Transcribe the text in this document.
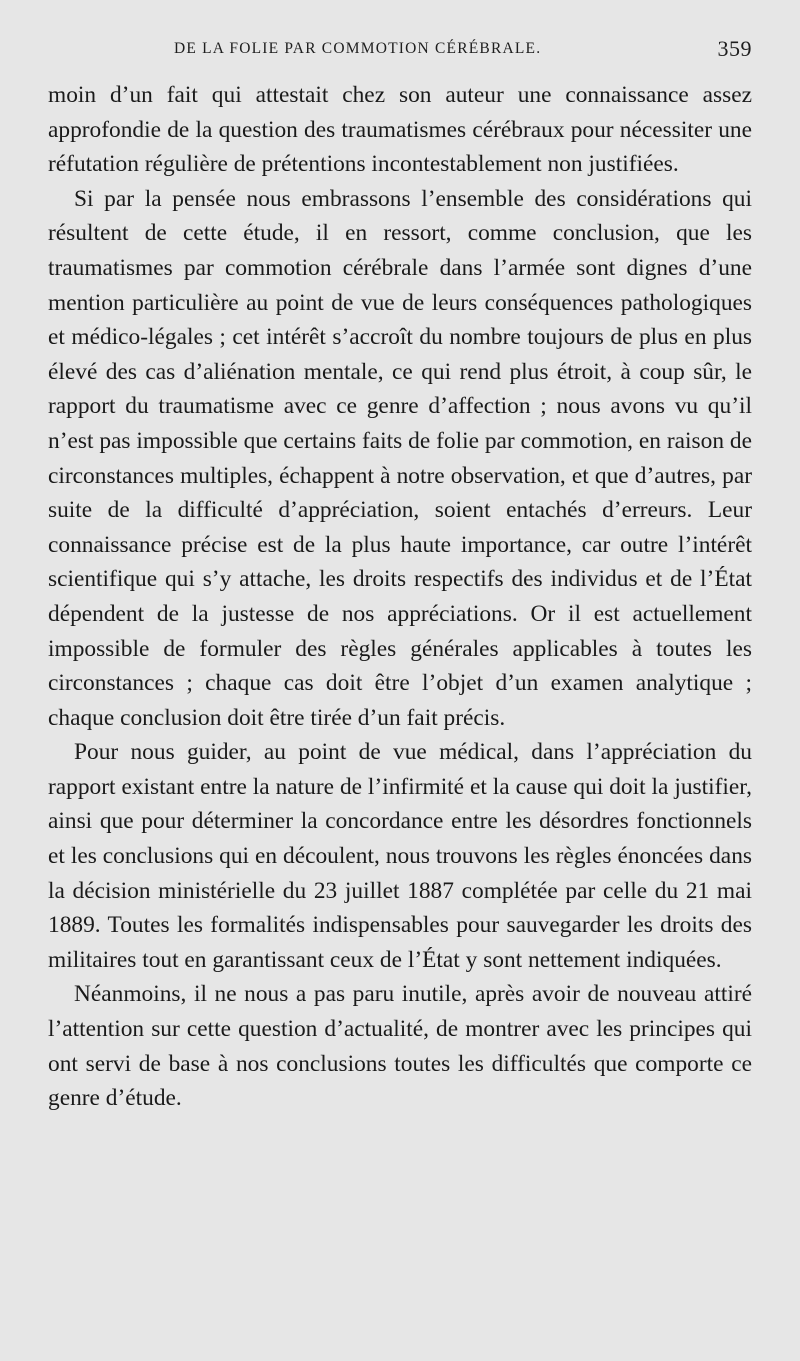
DE LA FOLIE PAR COMMOTION CÉRÉBRALE.	359

moin d’un fait qui attestait chez son auteur une connaissance assez approfondie de la question des traumatismes cérébraux pour nécessiter une réfutation régulière de prétentions incontestablement non justifiées.

Si par la pensée nous embrassons l’ensemble des considérations qui résultent de cette étude, il en ressort, comme conclusion, que les traumatismes par commotion cérébrale dans l’armée sont dignes d’une mention particulière au point de vue de leurs conséquences pathologiques et médico-légales ; cet intérêt s’accroît du nombre toujours de plus en plus élevé des cas d’aliénation mentale, ce qui rend plus étroit, à coup sûr, le rapport du traumatisme avec ce genre d’affection ; nous avons vu qu’il n’est pas impossible que certains faits de folie par commotion, en raison de circonstances multiples, échappent à notre observation, et que d’autres, par suite de la difficulté d’appréciation, soient entachés d’erreurs. Leur connaissance précise est de la plus haute importance, car outre l’intérêt scientifique qui s’y attache, les droits respectifs des individus et de l’État dépendent de la justesse de nos appréciations. Or il est actuellement impossible de formuler des règles générales applicables à toutes les circonstances ; chaque cas doit être l’objet d’un examen analytique ; chaque conclusion doit être tirée d’un fait précis.

Pour nous guider, au point de vue médical, dans l’appréciation du rapport existant entre la nature de l’infirmité et la cause qui doit la justifier, ainsi que pour déterminer la concordance entre les désordres fonctionnels et les conclusions qui en découlent, nous trouvons les règles énoncées dans la décision ministérielle du 23 juillet 1887 complétée par celle du 21 mai 1889. Toutes les formalités indispensables pour sauvegarder les droits des militaires tout en garantissant ceux de l’État y sont nettement indiquées.

Néanmoins, il ne nous a pas paru inutile, après avoir de nouveau attiré l’attention sur cette question d’actualité, de montrer avec les principes qui ont servi de base à nos conclusions toutes les difficultés que comporte ce genre d’étude.
